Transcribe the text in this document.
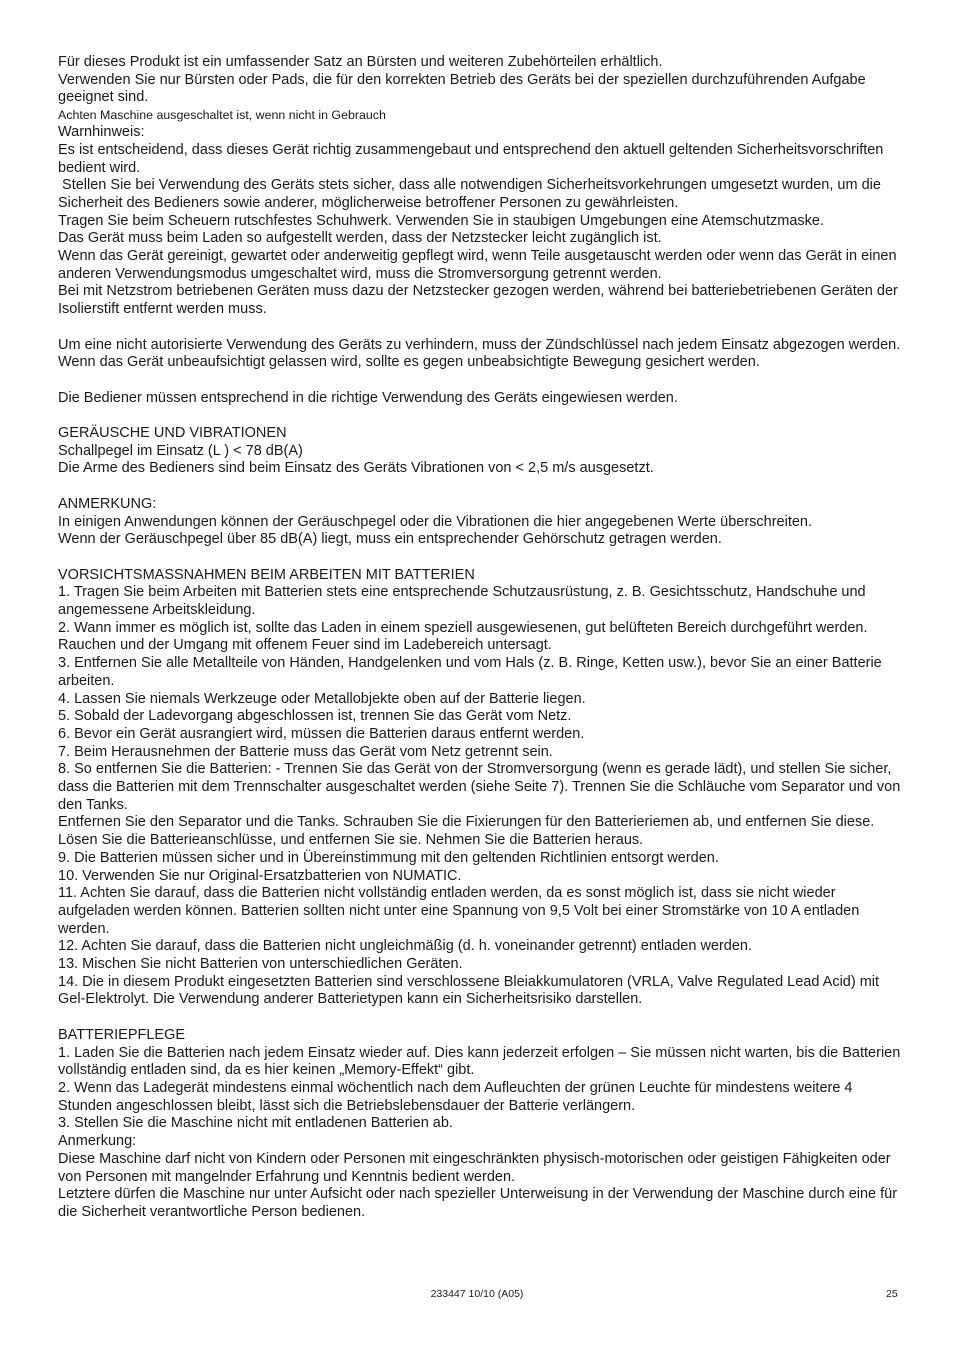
Für dieses Produkt ist ein umfassender Satz an Bürsten und weiteren Zubehörteilen erhältlich.

Verwenden Sie nur Bürsten oder Pads, die für den korrekten Betrieb des Geräts bei der speziellen durchzuführenden Aufgabe geeignet sind.

Achten Maschine ausgeschaltet ist, wenn nicht in Gebrauch

Warnhinweis:

Es ist entscheidend, dass dieses Gerät richtig zusammengebaut und entsprechend den aktuell geltenden Sicherheitsvorschriften bedient wird.

Stellen Sie bei Verwendung des Geräts stets sicher, dass alle notwendigen Sicherheitsvorkehrungen umgesetzt wurden, um die Sicherheit des Bedieners sowie anderer, möglicherweise betroffener Personen zu gewährleisten.

Tragen Sie beim Scheuern rutschfestes Schuhwerk. Verwenden Sie in staubigen Umgebungen eine Atemschutzmaske.

Das Gerät muss beim Laden so aufgestellt werden, dass der Netzstecker leicht zugänglich ist.

Wenn das Gerät gereinigt, gewartet oder anderweitig gepflegt wird, wenn Teile ausgetauscht werden oder wenn das Gerät in einen anderen Verwendungsmodus umgeschaltet wird, muss die Stromversorgung getrennt werden.

Bei mit Netzstrom betriebenen Geräten muss dazu der Netzstecker gezogen werden, während bei batteriebetriebenen Geräten der Isolierstift entfernt werden muss.

Um eine nicht autorisierte Verwendung des Geräts zu verhindern, muss der Zündschlüssel nach jedem Einsatz abgezogen werden.

Wenn das Gerät unbeaufsichtigt gelassen wird, sollte es gegen unbeabsichtigte Bewegung gesichert werden.

Die Bediener müssen entsprechend in die richtige Verwendung des Geräts eingewiesen werden.

GERÄUSCHE UND VIBRATIONEN

Schallpegel im Einsatz (L ) < 78 dB(A)

Die Arme des Bedieners sind beim Einsatz des Geräts Vibrationen von < 2,5 m/s ausgesetzt.

ANMERKUNG:

In einigen Anwendungen können der Geräuschpegel oder die Vibrationen die hier angegebenen Werte überschreiten.

Wenn der Geräuschpegel über 85 dB(A) liegt, muss ein entsprechender Gehörschutz getragen werden.

VORSICHTSMASSNAHMEN BEIM ARBEITEN MIT BATTERIEN

1. Tragen Sie beim Arbeiten mit Batterien stets eine entsprechende Schutzausrüstung, z. B. Gesichtsschutz, Handschuhe und angemessene Arbeitskleidung.

2. Wann immer es möglich ist, sollte das Laden in einem speziell ausgewiesenen, gut belüfteten Bereich durchgeführt werden. Rauchen und der Umgang mit offenem Feuer sind im Ladebereich untersagt.

3. Entfernen Sie alle Metallteile von Händen, Handgelenken und vom Hals (z. B. Ringe, Ketten usw.), bevor Sie an einer Batterie arbeiten.

4. Lassen Sie niemals Werkzeuge oder Metallobjekte oben auf der Batterie liegen.

5. Sobald der Ladevorgang abgeschlossen ist, trennen Sie das Gerät vom Netz.

6. Bevor ein Gerät ausrangiert wird, müssen die Batterien daraus entfernt werden.

7. Beim Herausnehmen der Batterie muss das Gerät vom Netz getrennt sein.

8. So entfernen Sie die Batterien: - Trennen Sie das Gerät von der Stromversorgung (wenn es gerade lädt), und stellen Sie sicher, dass die Batterien mit dem Trennschalter ausgeschaltet werden (siehe Seite 7). Trennen Sie die Schläuche vom Separator und von den Tanks.

Entfernen Sie den Separator und die Tanks. Schrauben Sie die Fixierungen für den Batterieriemen ab, und entfernen Sie diese.

Lösen Sie die Batterieanschlüsse, und entfernen Sie sie. Nehmen Sie die Batterien heraus.

9. Die Batterien müssen sicher und in Übereinstimmung mit den geltenden Richtlinien entsorgt werden.

10. Verwenden Sie nur Original-Ersatzbatterien von NUMATIC.

11. Achten Sie darauf, dass die Batterien nicht vollständig entladen werden, da es sonst möglich ist, dass sie nicht wieder aufgeladen werden können. Batterien sollten nicht unter eine Spannung von 9,5 Volt bei einer Stromstärke von 10 A entladen werden.

12. Achten Sie darauf, dass die Batterien nicht ungleichmäßig (d. h. voneinander getrennt) entladen werden.

13. Mischen Sie nicht Batterien von unterschiedlichen Geräten.

14. Die in diesem Produkt eingesetzten Batterien sind verschlossene Bleiakkumulatoren (VRLA, Valve Regulated Lead Acid) mit Gel-Elektrolyt. Die Verwendung anderer Batterietypen kann ein Sicherheitsrisiko darstellen.

BATTERIEPFLEGE

1. Laden Sie die Batterien nach jedem Einsatz wieder auf. Dies kann jederzeit erfolgen – Sie müssen nicht warten, bis die Batterien vollständig entladen sind, da es hier keinen „Memory-Effekt“ gibt.

2. Wenn das Ladegerät mindestens einmal wöchentlich nach dem Aufleuchten der grünen Leuchte für mindestens weitere 4 Stunden angeschlossen bleibt, lässt sich die Betriebslebensdauer der Batterie verlängern.

3. Stellen Sie die Maschine nicht mit entladenen Batterien ab.

Anmerkung:

Diese Maschine darf nicht von Kindern oder Personen mit eingeschränkten physisch-motorischen oder geistigen Fähigkeiten oder von Personen mit mangelnder Erfahrung und Kenntnis bedient werden.

Letztere dürfen die Maschine nur unter Aufsicht oder nach spezieller Unterweisung in der Verwendung der Maschine durch eine für die Sicherheit verantwortliche Person bedienen.

233447 10/10 (A05)	25
